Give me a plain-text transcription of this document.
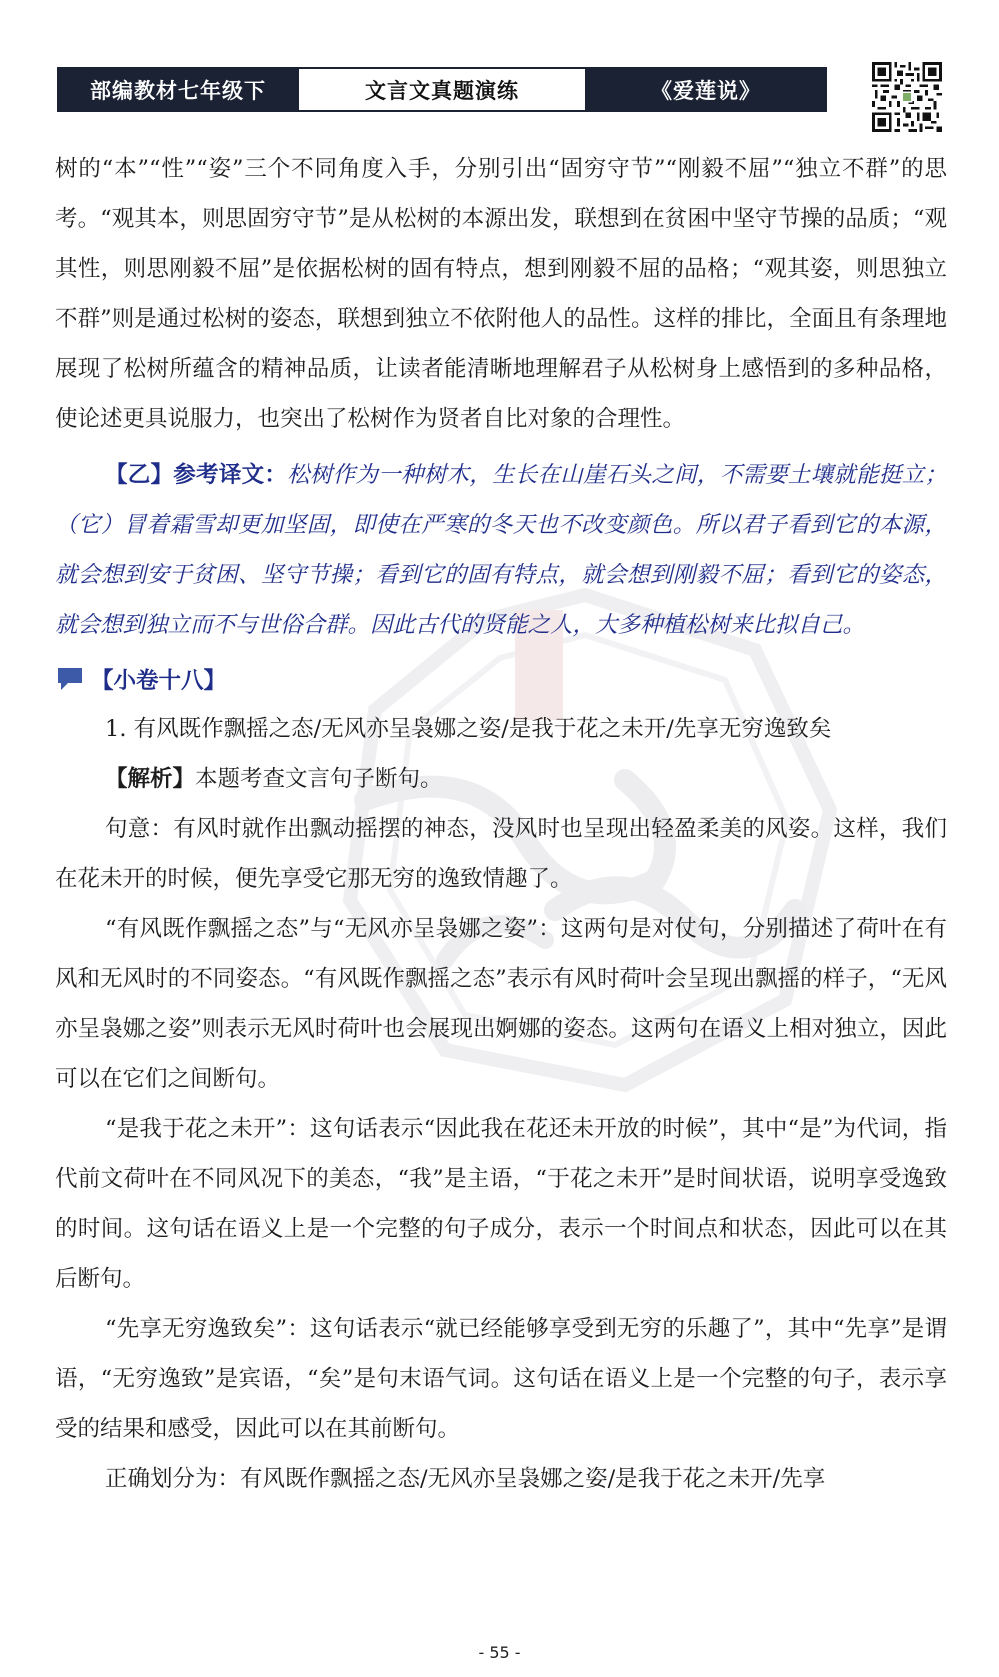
部编教材七年级下	文言文真题演练	《爱莲说》

树的“本”“性”“姿”三个不同角度入手，分别引出“固穷守节”“刚毅不屈”“独立不群”的思考。“观其本，则思固穷守节”是从松树的本源出发，联想到在贫困中坚守节操的品质；“观其性，则思刚毅不屈”是依据松树的固有特点，想到刚毅不屈的品格；“观其姿，则思独立不群”则是通过松树的姿态，联想到独立不依附他人的品性。这样的排比，全面且有条理地展现了松树所蕴含的精神品质，让读者能清晰地理解君子从松树身上感悟到的多种品格，使论述更具说服力，也突出了松树作为贤者自比对象的合理性。

【乙】参考译文：松树作为一种树木，生长在山崖石头之间，不需要土壤就能挺立；（它）冒着霜雪却更加坚固，即使在严寒的冬天也不改变颜色。所以君子看到它的本源，就会想到安于贫困、坚守节操；看到它的固有特点，就会想到刚毅不屈；看到它的姿态，就会想到独立而不与世俗合群。因此古代的贤能之人，大多种植松树来比拟自己。

【小卷十八】

1. 有风既作飘摇之态/无风亦呈袅娜之姿/是我于花之未开/先享无穷逸致矣

【解析】本题考查文言句子断句。

句意：有风时就作出飘动摇摆的神态，没风时也呈现出轻盈柔美的风姿。这样，我们在花未开的时候，便先享受它那无穷的逸致情趣了。

“有风既作飘摇之态”与“无风亦呈袅娜之姿”：这两句是对仗句，分别描述了荷叶在有风和无风时的不同姿态。“有风既作飘摇之态”表示有风时荷叶会呈现出飘摇的样子，“无风亦呈袅娜之姿”则表示无风时荷叶也会展现出婀娜的姿态。这两句在语义上相对独立，因此可以在它们之间断句。

“是我于花之未开”：这句话表示“因此我在花还未开放的时候”，其中“是”为代词，指代前文荷叶在不同风况下的美态，“我”是主语，“于花之未开”是时间状语，说明享受逸致的时间。这句话在语义上是一个完整的句子成分，表示一个时间点和状态，因此可以在其后断句。

“先享无穷逸致矣”：这句话表示“就已经能够享受到无穷的乐趣了”，其中“先享”是谓语，“无穷逸致”是宾语，“矣”是句末语气词。这句话在语义上是一个完整的句子，表示享受的结果和感受，因此可以在其前断句。

正确划分为：有风既作飘摇之态/无风亦呈袅娜之姿/是我于花之未开/先享

- 55 -
